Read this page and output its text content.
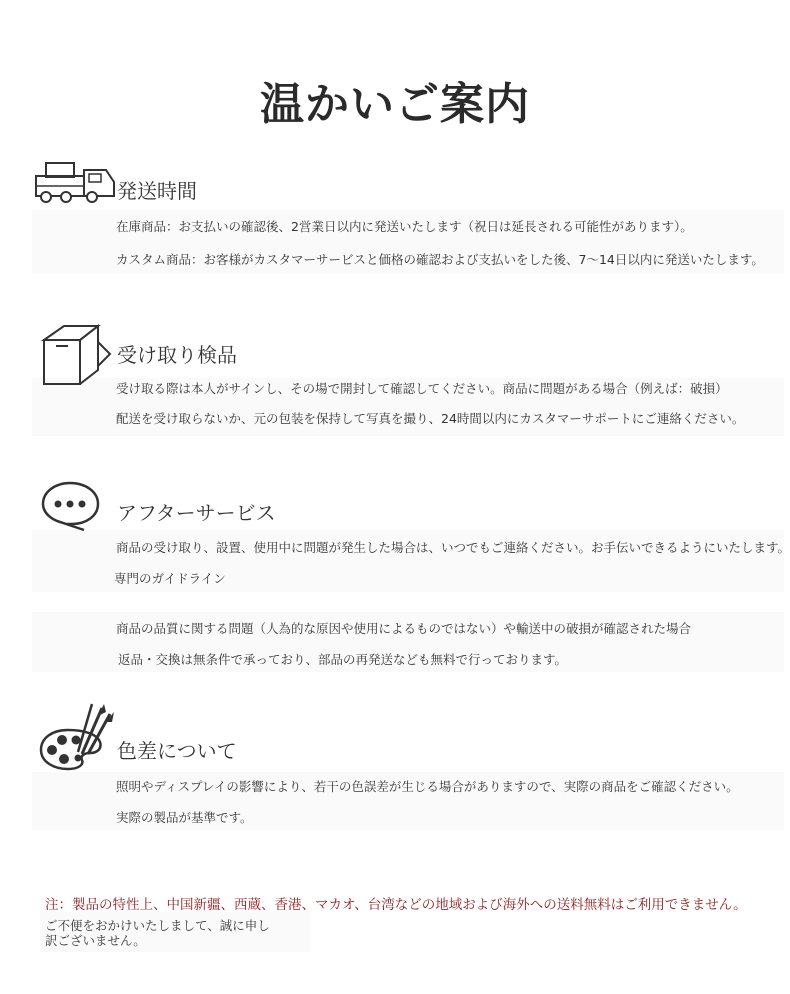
温かいご案内
発送時間
在庫商品：お支払いの確認後、2営業日以内に発送いたします（祝日は延長される可能性があります）。
カスタム商品：お客様がカスタマーサービスと価格の確認および支払いをした後、7〜14日以内に発送いたします。
受け取り検品
受け取る際は本人がサインし、その場で開封して確認してください。商品に問題がある場合（例えば：破損）
配送を受け取らないか、元の包装を保持して写真を撮り、24時間以内にカスタマーサポートにご連絡ください。
アフターサービス
商品の受け取り、設置、使用中に問題が発生した場合は、いつでもご連絡ください。お手伝いできるようにいたします。
専門のガイドライン
商品の品質に関する問題（人為的な原因や使用によるものではない）や輸送中の破損が確認された場合
返品・交換は無条件で承っており、部品の再発送なども無料で行っております。
色差について
照明やディスプレイの影響により、若干の色誤差が生じる場合がありますので、実際の商品をご確認ください。
実際の製品が基準です。
注：製品の特性上、中国新疆、西蔵、香港、マカオ、台湾などの地域および海外への送料無料はご利用できません。
ご不便をおかけいたしまして、誠に申し訳ございません。
